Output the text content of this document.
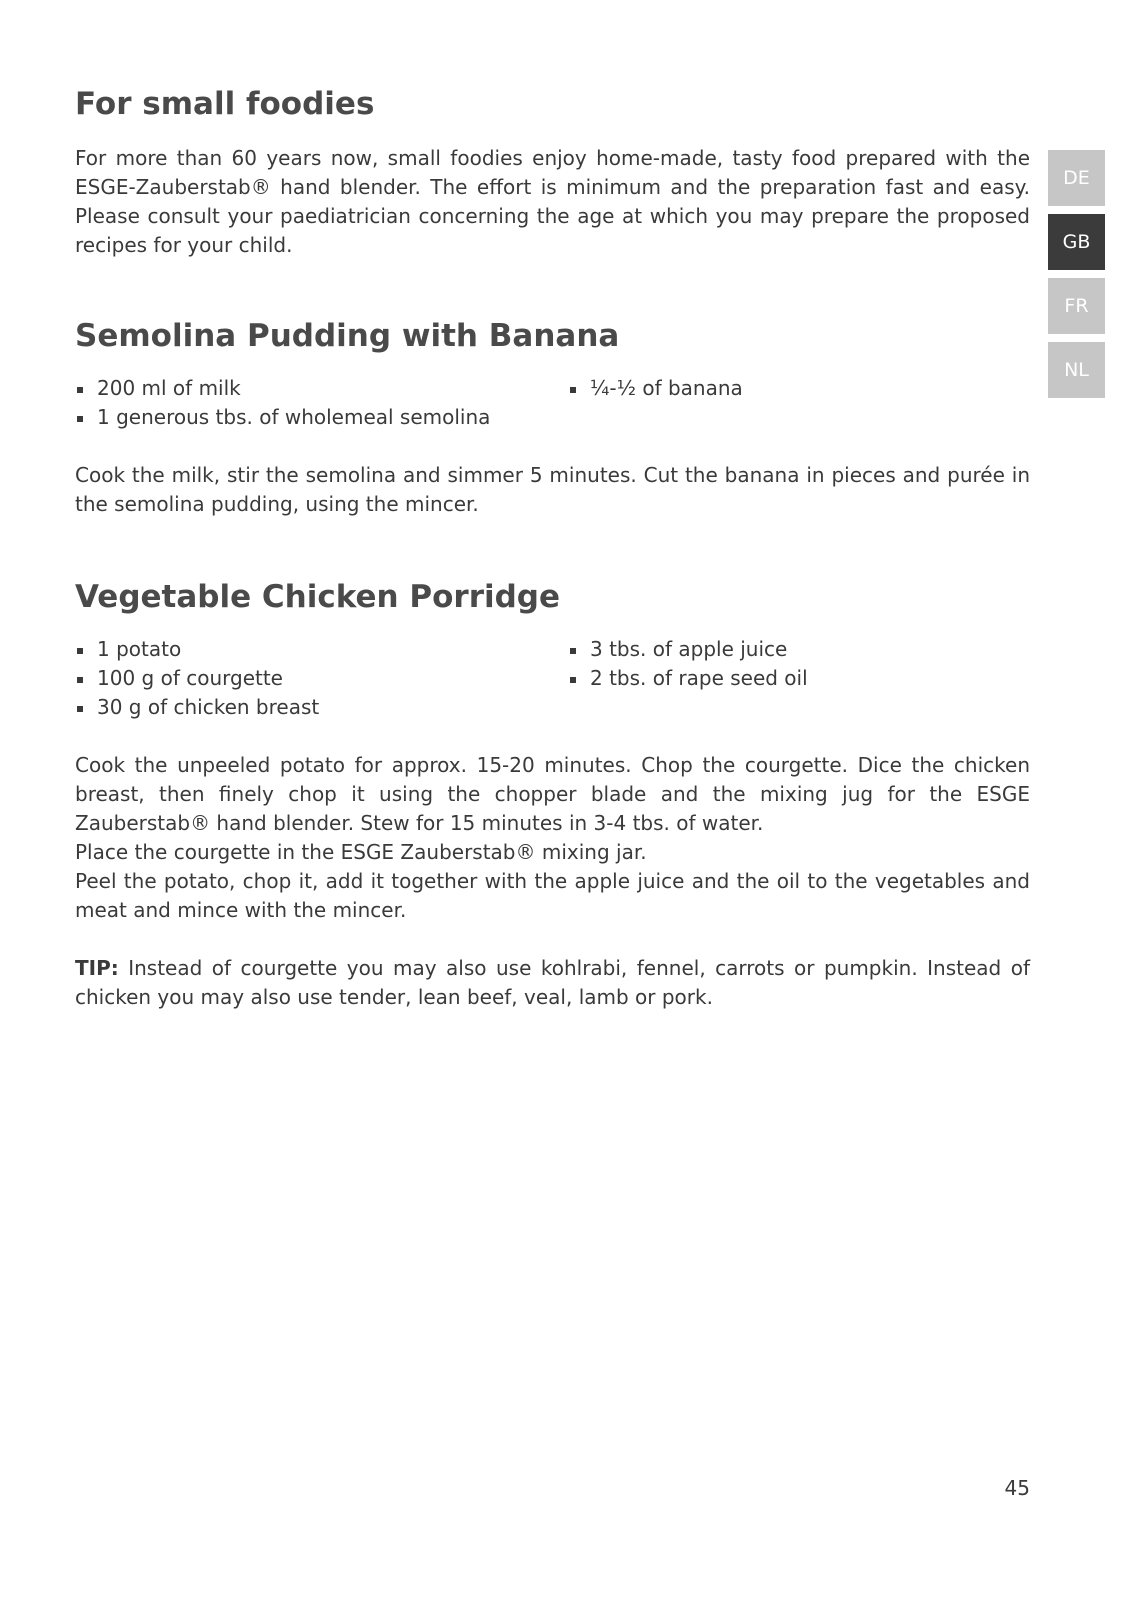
For small foodies

For more than 60 years now, small foodies enjoy home-made, tasty food prepared with the ESGE-Zauberstab® hand blender. The effort is minimum and the preparation fast and easy. Please consult your paediatrician concerning the age at which you may prepare the proposed recipes for your child.

Semolina Pudding with Banana
200 ml of milk
1 generous tbs. of wholemeal semolina
¼-½ of banana

Cook the milk, stir the semolina and simmer 5 minutes. Cut the banana in pieces and purée in the semolina pudding, using the mincer.

Vegetable Chicken Porridge
1 potato
100 g of courgette
30 g of chicken breast
3 tbs. of apple juice
2 tbs. of rape seed oil

Cook the unpeeled potato for approx. 15-20 minutes. Chop the courgette. Dice the chicken breast, then finely chop it using the chopper blade and the mixing jug for the ESGE Zauberstab® hand blender. Stew for 15 minutes in 3-4 tbs. of water.

Place the courgette in the ESGE Zauberstab® mixing jar.

Peel the potato, chop it, add it together with the apple juice and the oil to the vegetables and meat and mince with the mincer.

TIP: Instead of courgette you may also use kohlrabi, fennel, carrots or pumpkin. Instead of chicken you may also use tender, lean beef, veal, lamb or pork.

DE
GB
FR
NL
45
